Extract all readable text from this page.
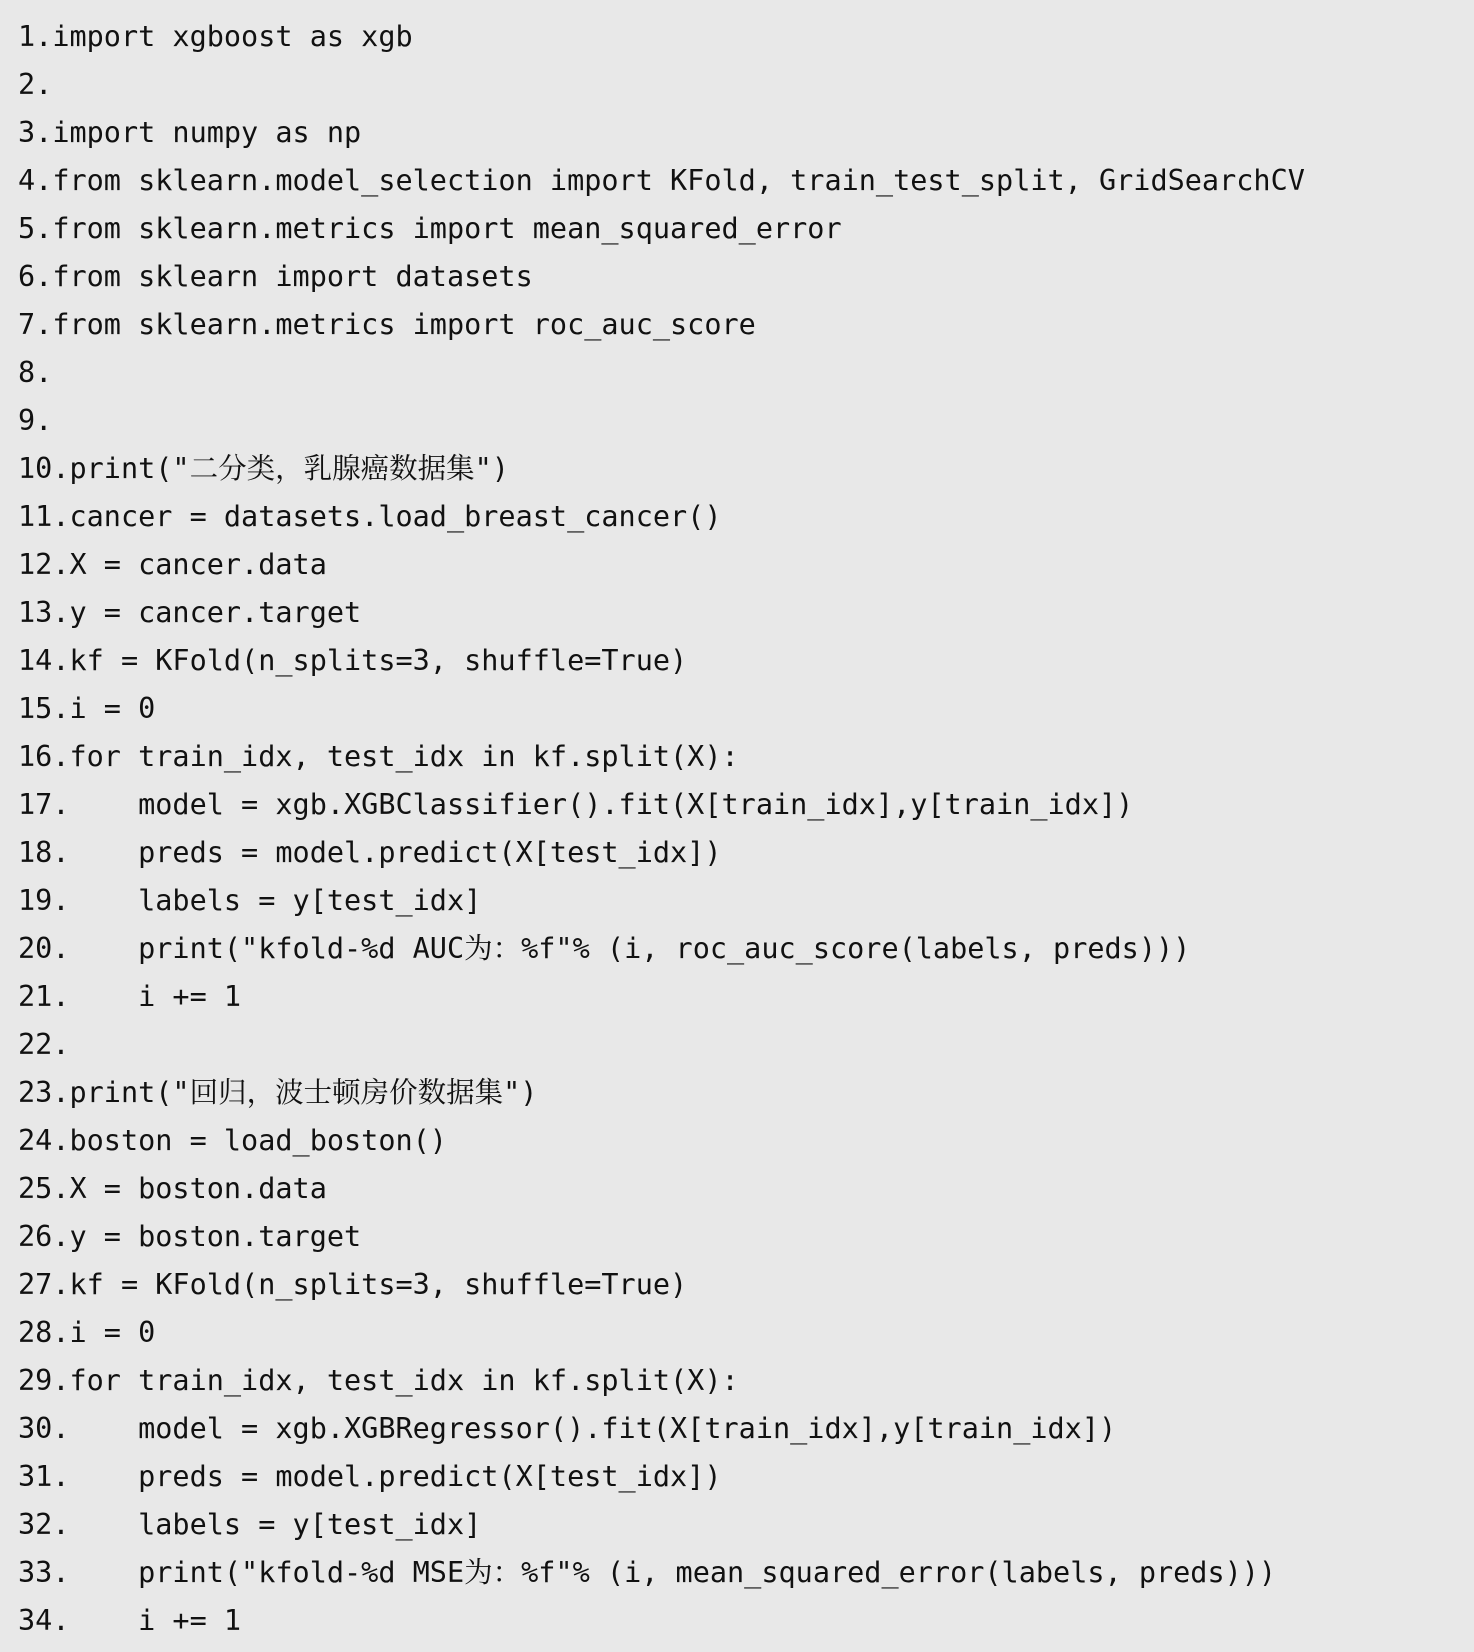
1.import xgboost as xgb
2.
3.import numpy as np
4.from sklearn.model_selection import KFold, train_test_split, GridSearchCV
5.from sklearn.metrics import mean_squared_error
6.from sklearn import datasets
7.from sklearn.metrics import roc_auc_score
8.
9.
10.print("二分类，乳腺癌数据集")
11.cancer = datasets.load_breast_cancer()
12.X = cancer.data
13.y = cancer.target
14.kf = KFold(n_splits=3, shuffle=True)
15.i = 0
16.for train_idx, test_idx in kf.split(X):
17.    model = xgb.XGBClassifier().fit(X[train_idx],y[train_idx])
18.    preds = model.predict(X[test_idx])
19.    labels = y[test_idx]
20.    print("kfold-%d AUC为：%f"% (i, roc_auc_score(labels, preds)))
21.    i += 1
22.
23.print("回归，波士顿房价数据集")
24.boston = load_boston()
25.X = boston.data
26.y = boston.target
27.kf = KFold(n_splits=3, shuffle=True)
28.i = 0
29.for train_idx, test_idx in kf.split(X):
30.    model = xgb.XGBRegressor().fit(X[train_idx],y[train_idx])
31.    preds = model.predict(X[test_idx])
32.    labels = y[test_idx]
33.    print("kfold-%d MSE为：%f"% (i, mean_squared_error(labels, preds)))
34.    i += 1
